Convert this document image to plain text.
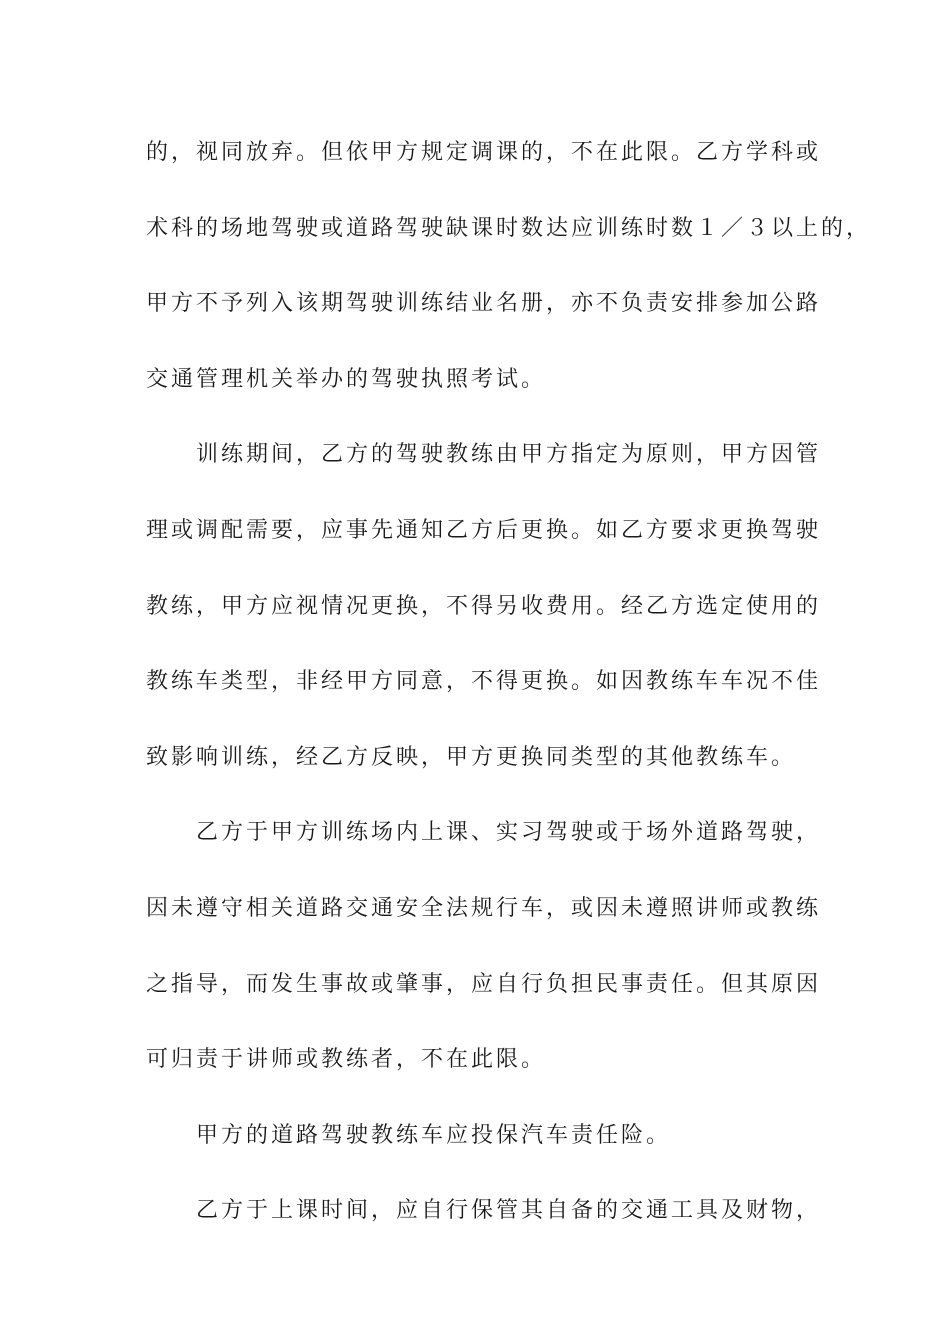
的，视同放弃。但依甲方规定调课的，不在此限。乙方学科或
术科的场地驾驶或道路驾驶缺课时数达应训练时数１／３以上的，
甲方不予列入该期驾驶训练结业名册，亦不负责安排参加公路
交通管理机关举办的驾驶执照考试。
训练期间，乙方的驾驶教练由甲方指定为原则，甲方因管
理或调配需要，应事先通知乙方后更换。如乙方要求更换驾驶
教练，甲方应视情况更换，不得另收费用。经乙方选定使用的
教练车类型，非经甲方同意，不得更换。如因教练车车况不佳
致影响训练，经乙方反映，甲方更换同类型的其他教练车。
乙方于甲方训练场内上课、实习驾驶或于场外道路驾驶，
因未遵守相关道路交通安全法规行车，或因未遵照讲师或教练
之指导，而发生事故或肇事，应自行负担民事责任。但其原因
可归责于讲师或教练者，不在此限。
甲方的道路驾驶教练车应投保汽车责任险。
乙方于上课时间，应自行保管其自备的交通工具及财物，
